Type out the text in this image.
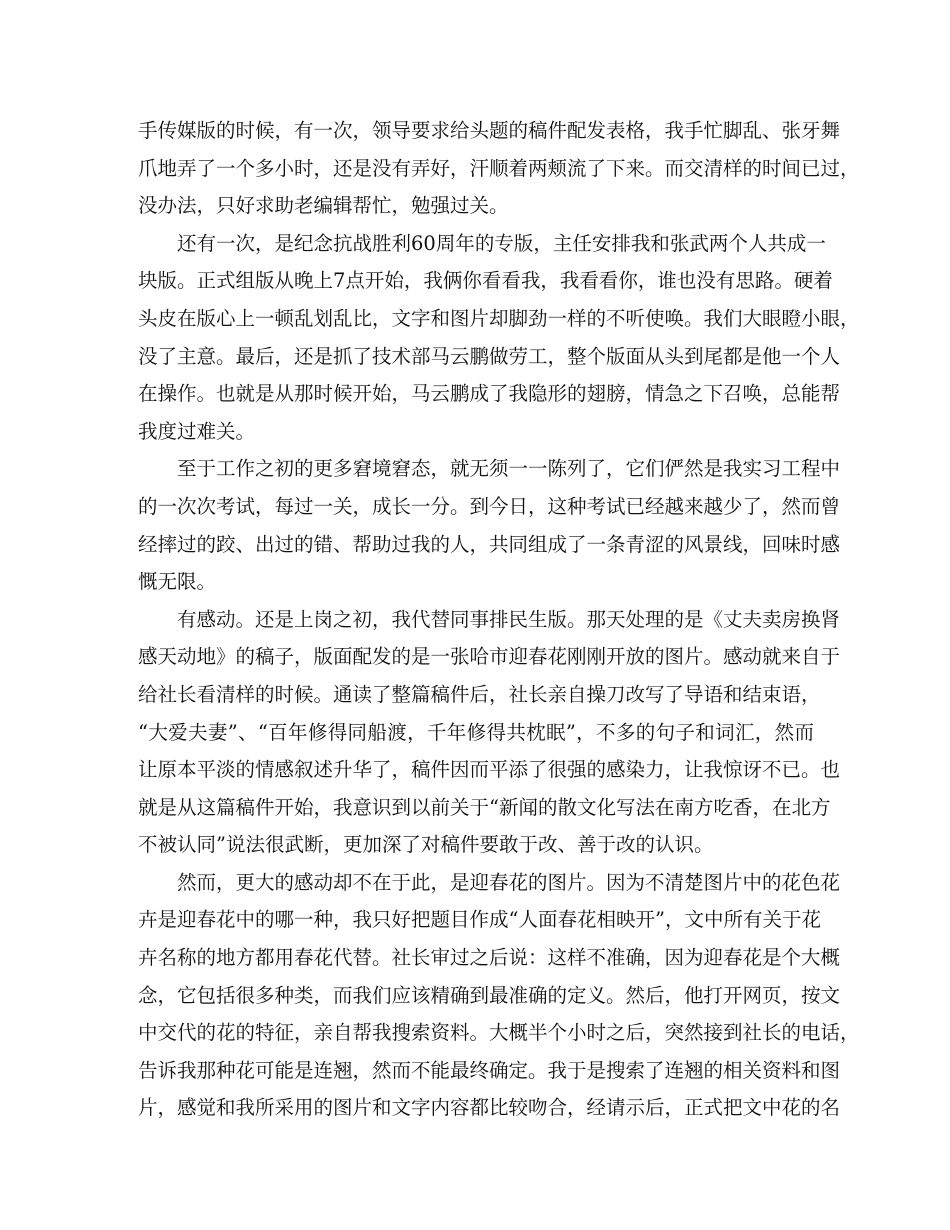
手传媒版的时候，有一次，领导要求给头题的稿件配发表格，我手忙脚乱、张牙舞
爪地弄了一个多小时，还是没有弄好，汗顺着两颊流了下来。而交清样的时间已过，
没办法，只好求助老编辑帮忙，勉强过关。
还有一次，是纪念抗战胜利60周年的专版，主任安排我和张武两个人共成一
块版。正式组版从晚上7点开始，我俩你看看我，我看看你，谁也没有思路。硬着
头皮在版心上一顿乱划乱比，文字和图片却脚劲一样的不听使唤。我们大眼瞪小眼，
没了主意。最后，还是抓了技术部马云鹏做劳工，整个版面从头到尾都是他一个人
在操作。也就是从那时候开始，马云鹏成了我隐形的翅膀，情急之下召唤，总能帮
我度过难关。
至于工作之初的更多窘境窘态，就无须一一陈列了，它们俨然是我实习工程中
的一次次考试，每过一关，成长一分。到今日，这种考试已经越来越少了，然而曾
经摔过的跤、出过的错、帮助过我的人，共同组成了一条青涩的风景线，回味时感
慨无限。
有感动。还是上岗之初，我代替同事排民生版。那天处理的是《丈夫卖房换肾
感天动地》的稿子，版面配发的是一张哈市迎春花刚刚开放的图片。感动就来自于
给社长看清样的时候。通读了整篇稿件后，社长亲自操刀改写了导语和结束语，
“大爱夫妻”、“百年修得同船渡，千年修得共枕眠”，不多的句子和词汇，然而
让原本平淡的情感叙述升华了，稿件因而平添了很强的感染力，让我惊讶不已。也
就是从这篇稿件开始，我意识到以前关于“新闻的散文化写法在南方吃香，在北方
不被认同”说法很武断，更加深了对稿件要敢于改、善于改的认识。
然而，更大的感动却不在于此，是迎春花的图片。因为不清楚图片中的花色花
卉是迎春花中的哪一种，我只好把题目作成“人面春花相映开”，文中所有关于花
卉名称的地方都用春花代替。社长审过之后说：这样不准确，因为迎春花是个大概
念，它包括很多种类，而我们应该精确到最准确的定义。然后，他打开网页，按文
中交代的花的特征，亲自帮我搜索资料。大概半个小时之后，突然接到社长的电话，
告诉我那种花可能是连翘，然而不能最终确定。我于是搜索了连翘的相关资料和图
片，感觉和我所采用的图片和文字内容都比较吻合，经请示后，正式把文中花的名
